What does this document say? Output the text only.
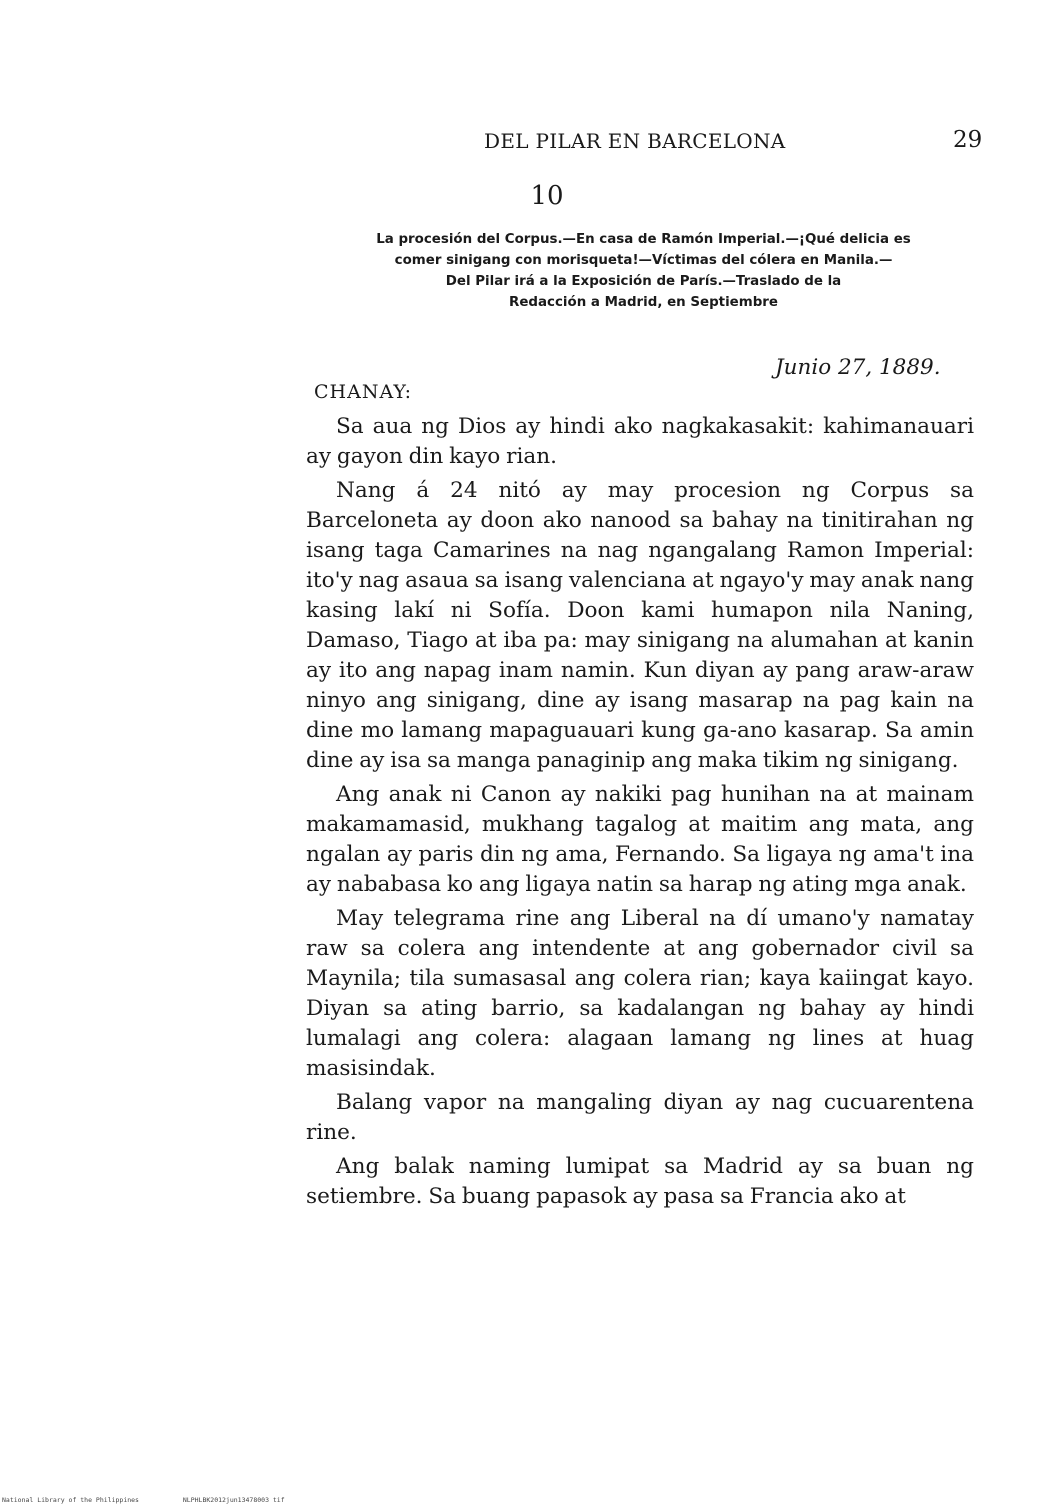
DEL PILAR EN BARCELONA	29
10
La procesión del Corpus.—En casa de Ramón Imperial.—¡Qué delicia es
comer sinigang con morisqueta!—Víctimas del cólera en Manila.—
Del Pilar irá a la Exposición de París.—Traslado de la
Redacción a Madrid, en Septiembre
Junio 27, 1889.
CHANAY:

Sa aua ng Dios ay hindi ako nagkakasakit: kahimanauari ay gayon din kayo rian.

Nang á 24 nitó ay may procesion ng Corpus sa Barceloneta ay doon ako nanood sa bahay na tinitirahan ng isang taga Camarines na nag ngangalang Ramon Imperial: ito'y nag asaua sa isang valenciana at ngayo'y may anak nang kasing lakí ni Sofía. Doon kami humapon nila Naning, Damaso, Tiago at iba pa: may sinigang na alumahan at kanin ay ito ang napag inam namin. Kun diyan ay pang araw-araw ninyo ang sinigang, dine ay isang masarap na pag kain na dine mo lamang mapaguauari kung ga-ano kasarap. Sa amin dine ay isa sa manga panaginip ang maka tikim ng sinigang.

Ang anak ni Canon ay nakiki pag hunihan na at mainam makamamasid, mukhang tagalog at maitim ang mata, ang ngalan ay paris din ng ama, Fernando. Sa ligaya ng ama't ina ay nababasa ko ang ligaya natin sa harap ng ating mga anak.

May telegrama rine ang Liberal na dí umano'y namatay raw sa colera ang intendente at ang gobernador civil sa Maynila; tila sumasasal ang colera rian; kaya kaiingat kayo. Diyan sa ating barrio, sa kadalangan ng bahay ay hindi lumalagi ang colera: alagaan lamang ng lines at huag masisindak.

Balang vapor na mangaling diyan ay nag cucuarentena rine.

Ang balak naming lumipat sa Madrid ay sa buan ng setiembre. Sa buang papasok ay pasa sa Francia ako at

National Library of the Philippines	NLPHLBK2012jun13478003 tif
